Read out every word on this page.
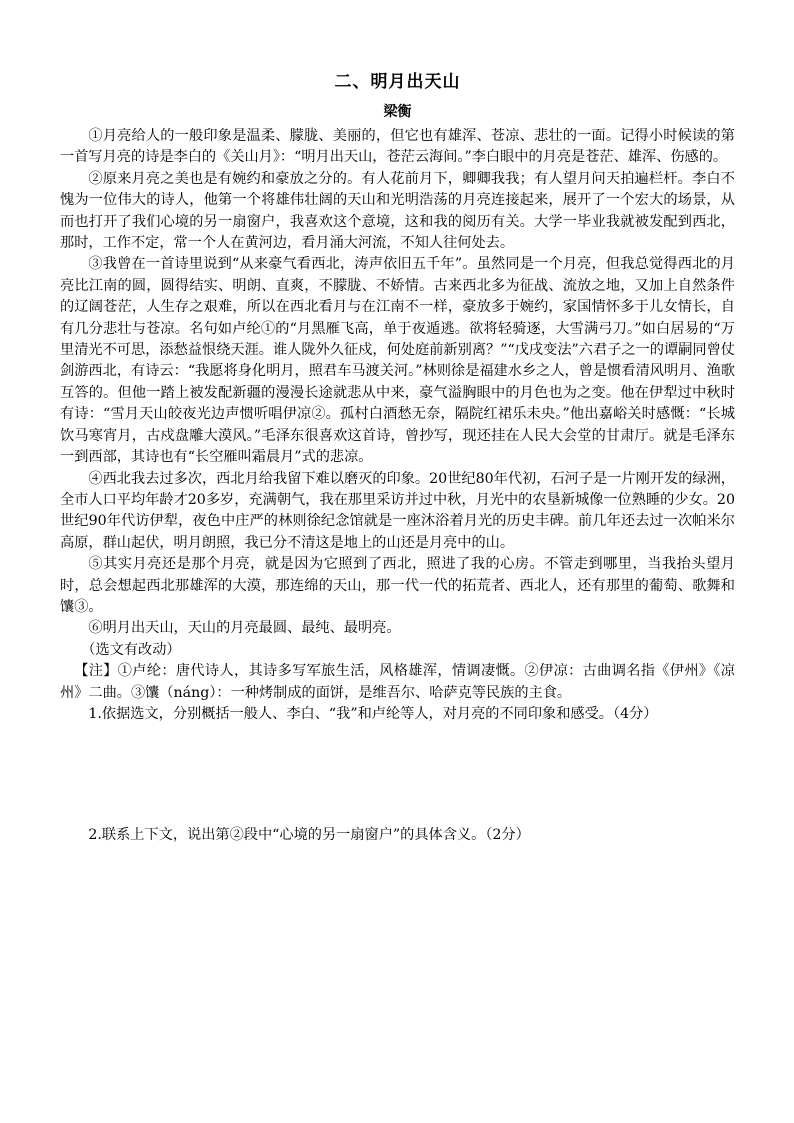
二、明月出天山
梁衡

①月亮给人的一般印象是温柔、朦胧、美丽的，但它也有雄浑、苍凉、悲壮的一面。记得小时候读的第一首写月亮的诗是李白的《关山月》：“明月出天山，苍茫云海间。”李白眼中的月亮是苍茫、雄浑、伤感的。

②原来月亮之美也是有婉约和豪放之分的。有人花前月下，卿卿我我；有人望月问天拍遍栏杆。李白不愧为一位伟大的诗人，他第一个将雄伟壮阔的天山和光明浩荡的月亮连接起来，展开了一个宏大的场景，从而也打开了我们心境的另一扇窗户，我喜欢这个意境，这和我的阅历有关。大学一毕业我就被发配到西北，那时，工作不定，常一个人在黄河边，看月涌大河流，不知人往何处去。

③我曾在一首诗里说到“从来豪气看西北，涛声依旧五千年”。虽然同是一个月亮，但我总觉得西北的月亮比江南的圆，圆得结实、明朗、直爽，不朦胧、不娇情。古来西北多为征战、流放之地，又加上自然条件的辽阔苍茫，人生存之艰难，所以在西北看月与在江南不一样，豪放多于婉约，家国情怀多于儿女情长，自有几分悲壮与苍凉。名句如卢纶①的“月黑雁飞高，单于夜遁逃。欲将轻骑逐，大雪满弓刀。”如白居易的“万里清光不可思，添愁益恨绕天涯。谁人陇外久征戍，何处庭前新别离？”“戊戌变法”六君子之一的谭嗣同曾仗剑游西北，有诗云：“我愿将身化明月，照君车马渡关河。”林则徐是福建水乡之人，曾是惯看清风明月、渔歌互答的。但他一踏上被发配新疆的漫漫长途就悲从中来，豪气溢胸眼中的月色也为之变。他在伊犁过中秋时有诗：“雪月天山皎夜光边声惯听唱伊凉②。孤村白酒愁无奈，隔院红裙乐未央。”他出嘉峪关时感慨：“长城饮马寒宵月，古戍盘雕大漠风。”毛泽东很喜欢这首诗，曾抄写，现还挂在人民大会堂的甘肃厅。就是毛泽东一到西部，其诗也有“长空雁叫霜晨月”式的悲凉。

④西北我去过多次，西北月给我留下难以磨灭的印象。20世纪80年代初，石河子是一片刚开发的绿洲，全市人口平均年龄才20多岁，充满朝气，我在那里采访并过中秋，月光中的农垦新城像一位熟睡的少女。20世纪90年代访伊犁，夜色中庄严的林则徐纪念馆就是一座沐浴着月光的历史丰碑。前几年还去过一次帕米尔高原，群山起伏，明月朗照，我已分不清这是地上的山还是月亮中的山。

⑤其实月亮还是那个月亮，就是因为它照到了西北，照进了我的心房。不管走到哪里，当我抬头望月时，总会想起西北那雄浑的大漠，那连绵的天山，那一代一代的拓荒者、西北人，还有那里的葡萄、歌舞和馕③。

⑥明月出天山，天山的月亮最圆、最纯、最明亮。

（选文有改动）

【注】①卢纶：唐代诗人，其诗多写军旅生活，风格雄浑，情调凄慨。②伊凉：古曲调名指《伊州》《凉州》二曲。③馕（náng）：一种烤制成的面饼，是维吾尔、哈萨克等民族的主食。

1.依据选文，分别概括一般人、李白、“我”和卢纶等人，对月亮的不同印象和感受。（4分）

2.联系上下文，说出第②段中“心境的另一扇窗户”的具体含义。（2分）
